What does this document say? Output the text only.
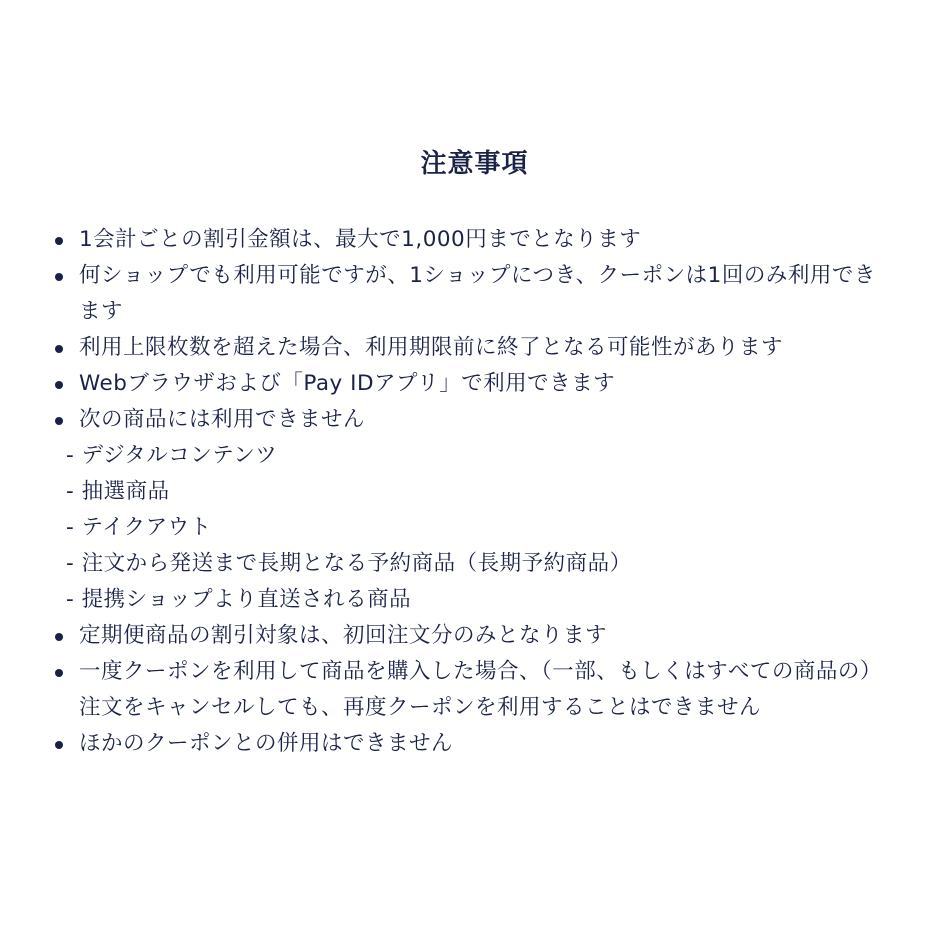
注意事項
1会計ごとの割引金額は、最大で1,000円までとなります
何ショップでも利用可能ですが、1ショップにつき、クーポンは1回のみ利用できます
利用上限枚数を超えた場合、利用期限前に終了となる可能性があります
Webブラウザおよび「Pay IDアプリ」で利用できます
次の商品には利用できません
- デジタルコンテンツ
- 抽選商品
- テイクアウト
- 注文から発送まで長期となる予約商品（長期予約商品）
- 提携ショップより直送される商品
定期便商品の割引対象は、初回注文分のみとなります
一度クーポンを利用して商品を購入した場合、（一部、もしくはすべての商品の）注文をキャンセルしても、再度クーポンを利用することはできません
ほかのクーポンとの併用はできません
